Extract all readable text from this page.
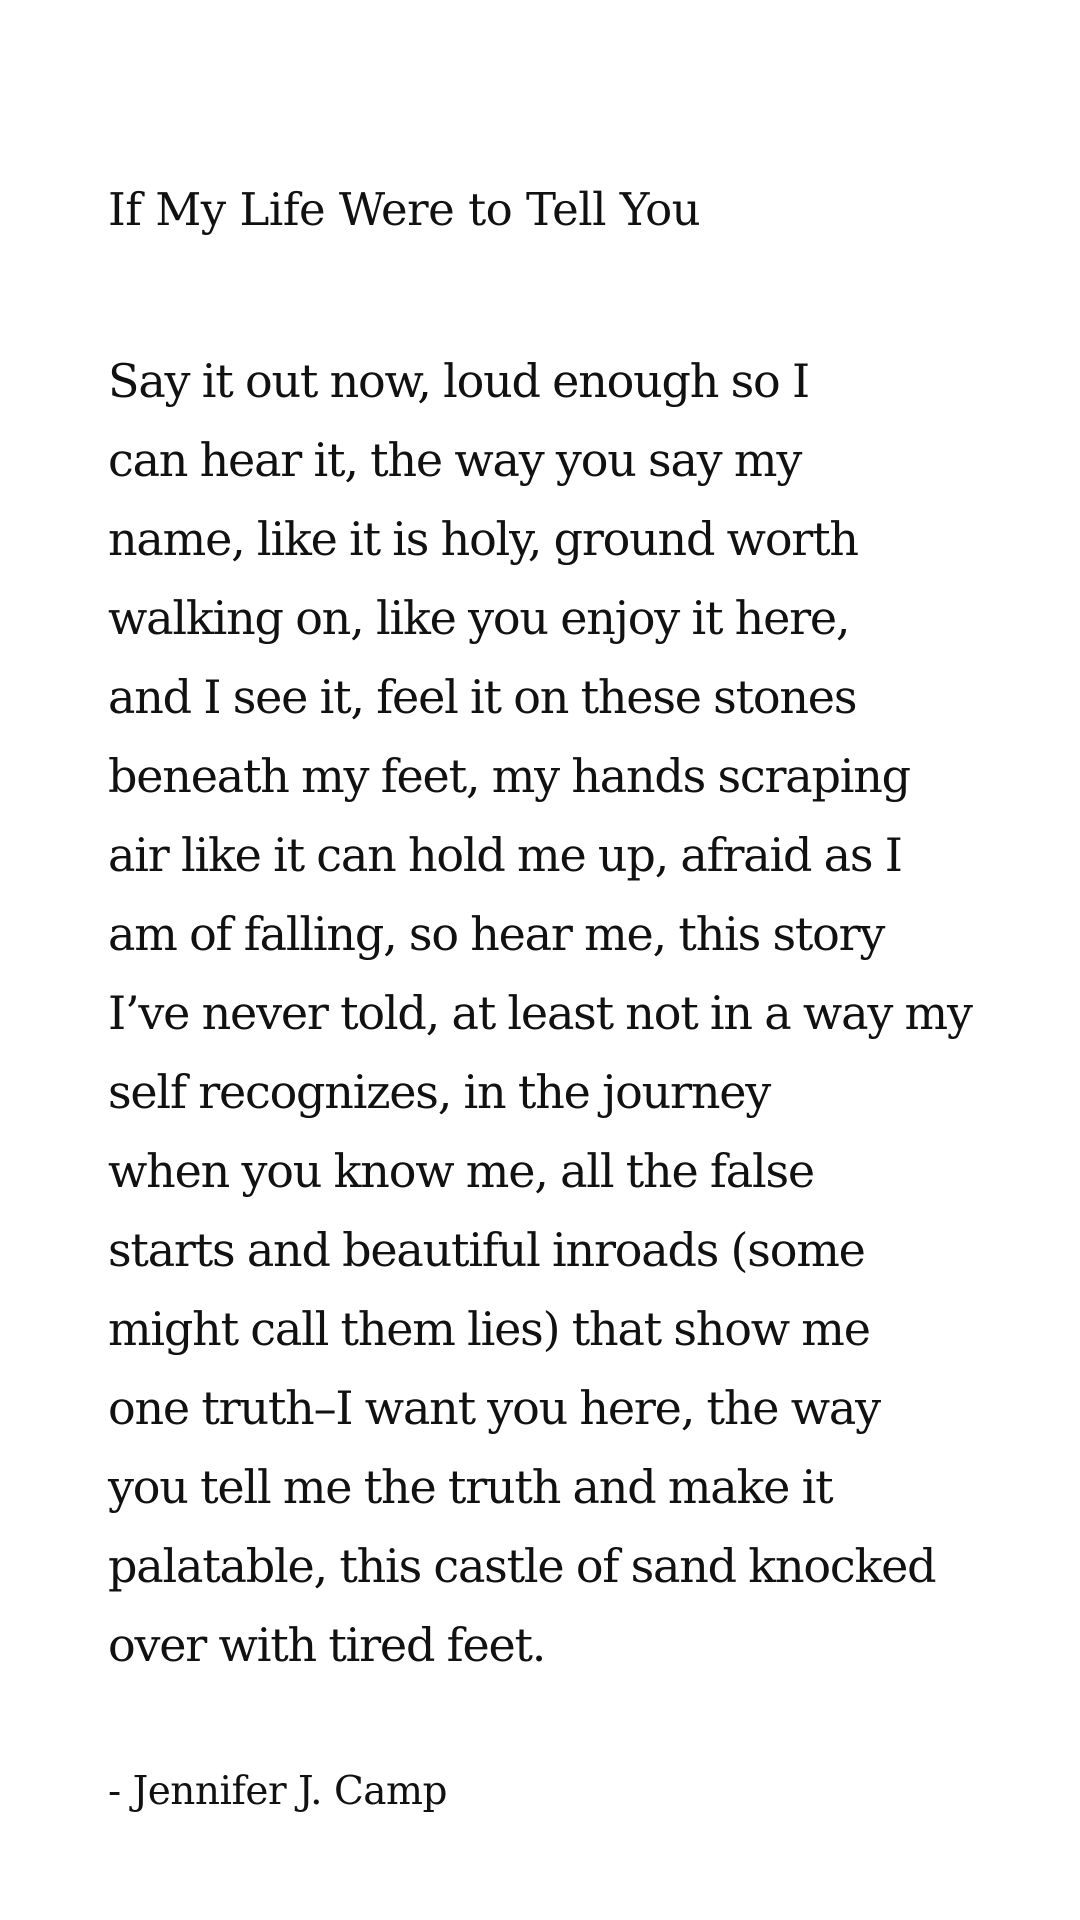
If My Life Were to Tell You
Say it out now, loud enough so I
can hear it, the way you say my
name, like it is holy, ground worth
walking on, like you enjoy it here,
and I see it, feel it on these stones
beneath my feet, my hands scraping
air like it can hold me up, afraid as I
am of falling, so hear me, this story
I’ve never told, at least not in a way my
self recognizes, in the journey
when you know me, all the false
starts and beautiful inroads (some
might call them lies) that show me
one truth–I want you here, the way
you tell me the truth and make it
palatable, this castle of sand knocked
over with tired feet.

- Jennifer J. Camp
